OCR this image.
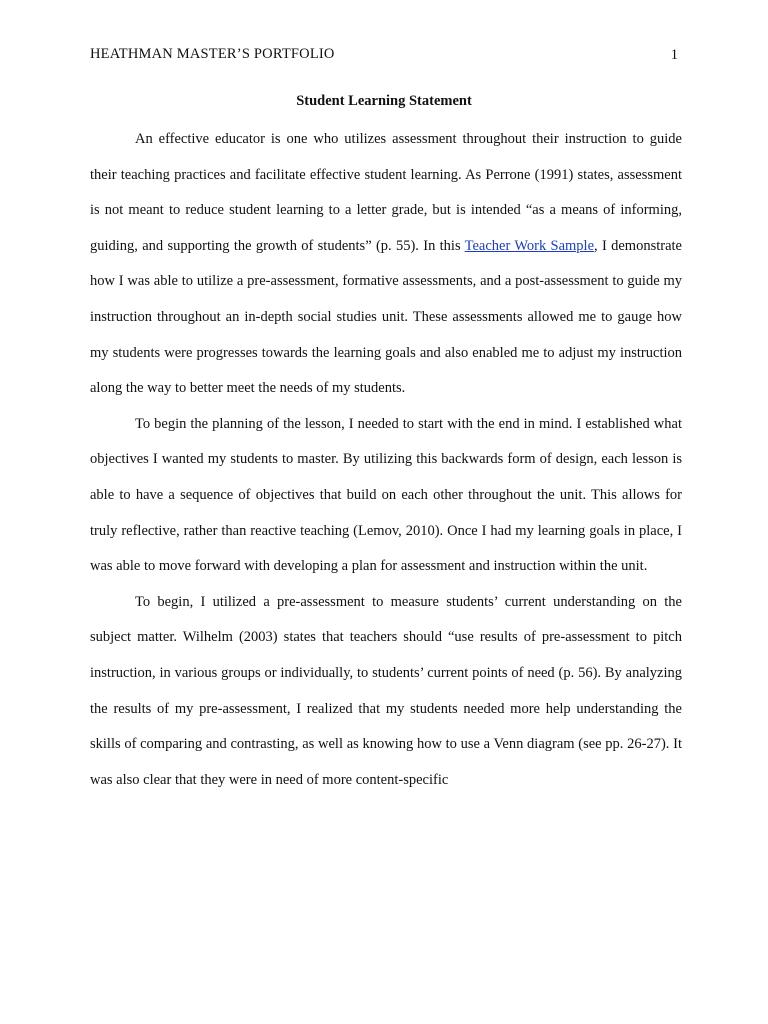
HEATHMAN MASTER’S PORTFOLIO	1
Student Learning Statement

An effective educator is one who utilizes assessment throughout their instruction to guide their teaching practices and facilitate effective student learning. As Perrone (1991) states, assessment is not meant to reduce student learning to a letter grade, but is intended “as a means of informing, guiding, and supporting the growth of students” (p. 55). In this Teacher Work Sample, I demonstrate how I was able to utilize a pre-assessment, formative assessments, and a post-assessment to guide my instruction throughout an in-depth social studies unit. These assessments allowed me to gauge how my students were progresses towards the learning goals and also enabled me to adjust my instruction along the way to better meet the needs of my students.

To begin the planning of the lesson, I needed to start with the end in mind. I established what objectives I wanted my students to master. By utilizing this backwards form of design, each lesson is able to have a sequence of objectives that build on each other throughout the unit. This allows for truly reflective, rather than reactive teaching (Lemov, 2010). Once I had my learning goals in place, I was able to move forward with developing a plan for assessment and instruction within the unit.

To begin, I utilized a pre-assessment to measure students’ current understanding on the subject matter. Wilhelm (2003) states that teachers should “use results of pre-assessment to pitch instruction, in various groups or individually, to students’ current points of need (p. 56). By analyzing the results of my pre-assessment, I realized that my students needed more help understanding the skills of comparing and contrasting, as well as knowing how to use a Venn diagram (see pp. 26-27). It was also clear that they were in need of more content-specific
